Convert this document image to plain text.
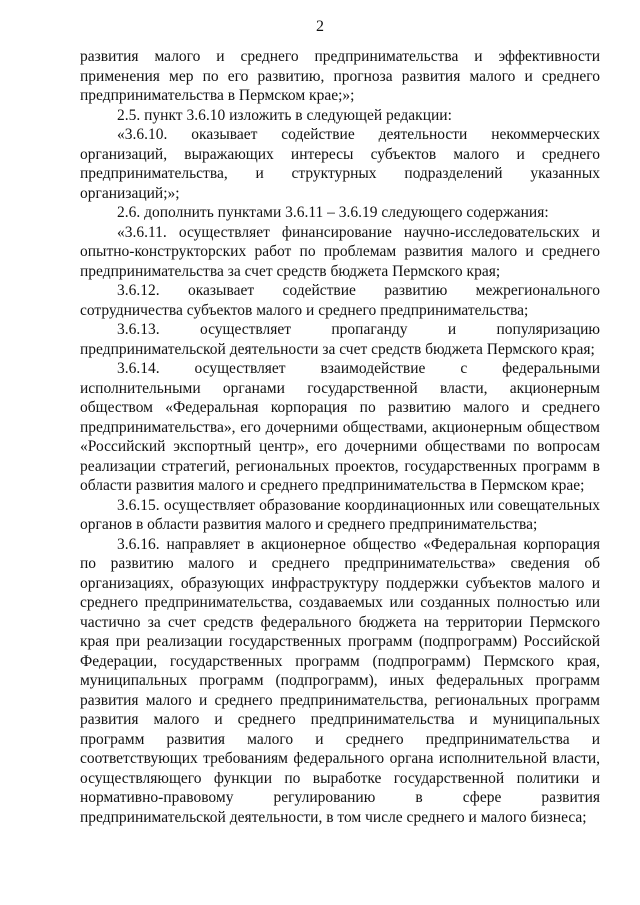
2

развития малого и среднего предпринимательства и эффективности применения мер по его развитию, прогноза развития малого и среднего предпринимательства в Пермском крае;»;

2.5. пункт 3.6.10 изложить в следующей редакции:

«3.6.10. оказывает содействие деятельности некоммерческих организаций, выражающих интересы субъектов малого и среднего предпринимательства, и структурных подразделений указанных организаций;»;

2.6. дополнить пунктами 3.6.11 – 3.6.19 следующего содержания:

«3.6.11. осуществляет финансирование научно-исследовательских и опытно-конструкторских работ по проблемам развития малого и среднего предпринимательства за счет средств бюджета Пермского края;

3.6.12. оказывает содействие развитию межрегионального сотрудничества субъектов малого и среднего предпринимательства;

3.6.13. осуществляет пропаганду и популяризацию предпринимательской деятельности за счет средств бюджета Пермского края;

3.6.14. осуществляет взаимодействие с федеральными исполнительными органами государственной власти, акционерным обществом «Федеральная корпорация по развитию малого и среднего предпринимательства», его дочерними обществами, акционерным обществом «Российский экспортный центр», его дочерними обществами по вопросам реализации стратегий, региональных проектов, государственных программ в области развития малого и среднего предпринимательства в Пермском крае;

3.6.15. осуществляет образование координационных или совещательных органов в области развития малого и среднего предпринимательства;

3.6.16. направляет в акционерное общество «Федеральная корпорация по развитию малого и среднего предпринимательства» сведения об организациях, образующих инфраструктуру поддержки субъектов малого и среднего предпринимательства, создаваемых или созданных полностью или частично за счет средств федерального бюджета на территории Пермского края при реализации государственных программ (подпрограмм) Российской Федерации, государственных программ (подпрограмм) Пермского края, муниципальных программ (подпрограмм), иных федеральных программ развития малого и среднего предпринимательства, региональных программ развития малого и среднего предпринимательства и муниципальных программ развития малого и среднего предпринимательства и соответствующих требованиям федерального органа исполнительной власти, осуществляющего функции по выработке государственной политики и нормативно-правовому регулированию в сфере развития предпринимательской деятельности, в том числе среднего и малого бизнеса;
